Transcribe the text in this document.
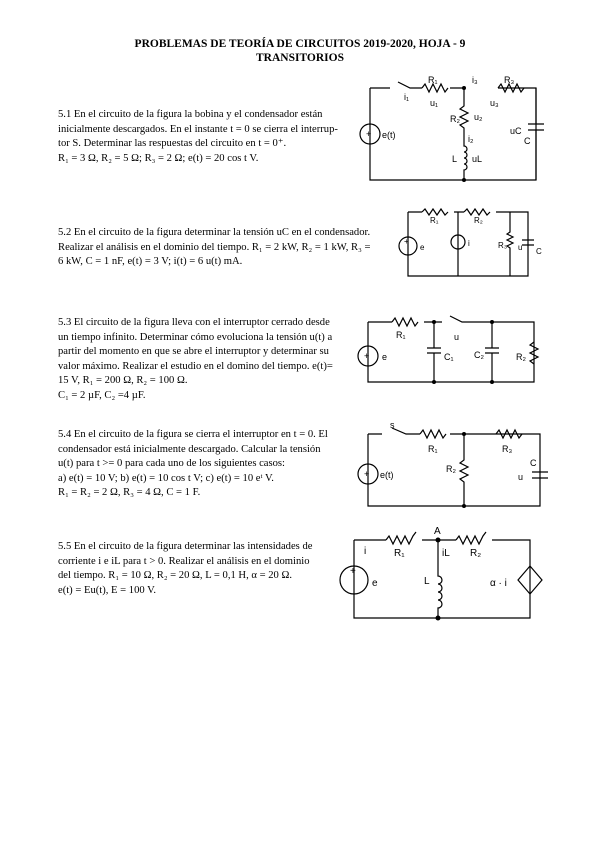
PROBLEMAS DE TEORÍA DE CIRCUITOS 2019-2020, HOJA - 9
TRANSITORIOS

5.1 En el circuito de la figura la bobina y el condensador están

inicialmente descargados. En el instante t = 0 se cierra el interrup-

tor S. Determinar las respuestas del circuito en t = 0⁺.

R₁ = 3 Ω, R₂ = 5 Ω; R₃ = 2 Ω; e(t) = 20 cos t V.

R₁	R₃
i₁
i₃
u₁	u₃
R₂ u₂
i₂
L uL
uC
C
e(t)
+

5.2 En el circuito de la figura determinar la tensión uC en el condensador.

Realizar el análisis en el dominio del tiempo. R₁ = 2 kW, R₂ = 1 kW, R₃ =

6 kW, C = 1 nF, e(t) = 3 V; i(t) = 6 u(t) mA.

R₁	R₂
R₃
e	i	u C
+

5.3 El circuito de la figura lleva con el interruptor cerrado desde

un tiempo infinito. Determinar cómo evoluciona la tensión u(t) a

partir del momento en que se abre el interruptor y determinar su

valor máximo. Realizar el estudio en el domino del tiempo. e(t)=

15 V, R₁ = 200 Ω, R₂ = 100 Ω.

C₁ = 2 µF, C₂ =4 µF.

R₁	u
C₁ C₂	R₂
e
+

5.4 En el circuito de la figura se cierra el interruptor en t = 0. El

condensador está inicialmente descargado. Calcular la tensión

u(t) para t >= 0 para cada uno de los siguientes casos:

a) e(t) = 10 V; b) e(t) = 10 cos t V; c) e(t) = 10 eᵗ V.

R₁ = R₂ = 2 Ω, R₃ = 4 Ω, C = 1 F.

s
R₁	R₃
R₂
C
u
e(t)
+

5.5 En el circuito de la figura determinar las intensidades de

corriente i e iL para t > 0. Realizar el análisis en el dominio

del tiempo. R₁ = 10 Ω, R₂ = 20 Ω, L = 0,1 H, α = 20 Ω.

e(t) = Eu(t), E = 100 V.

A
i	R₁	iL R₂
e	L	α · i
+
